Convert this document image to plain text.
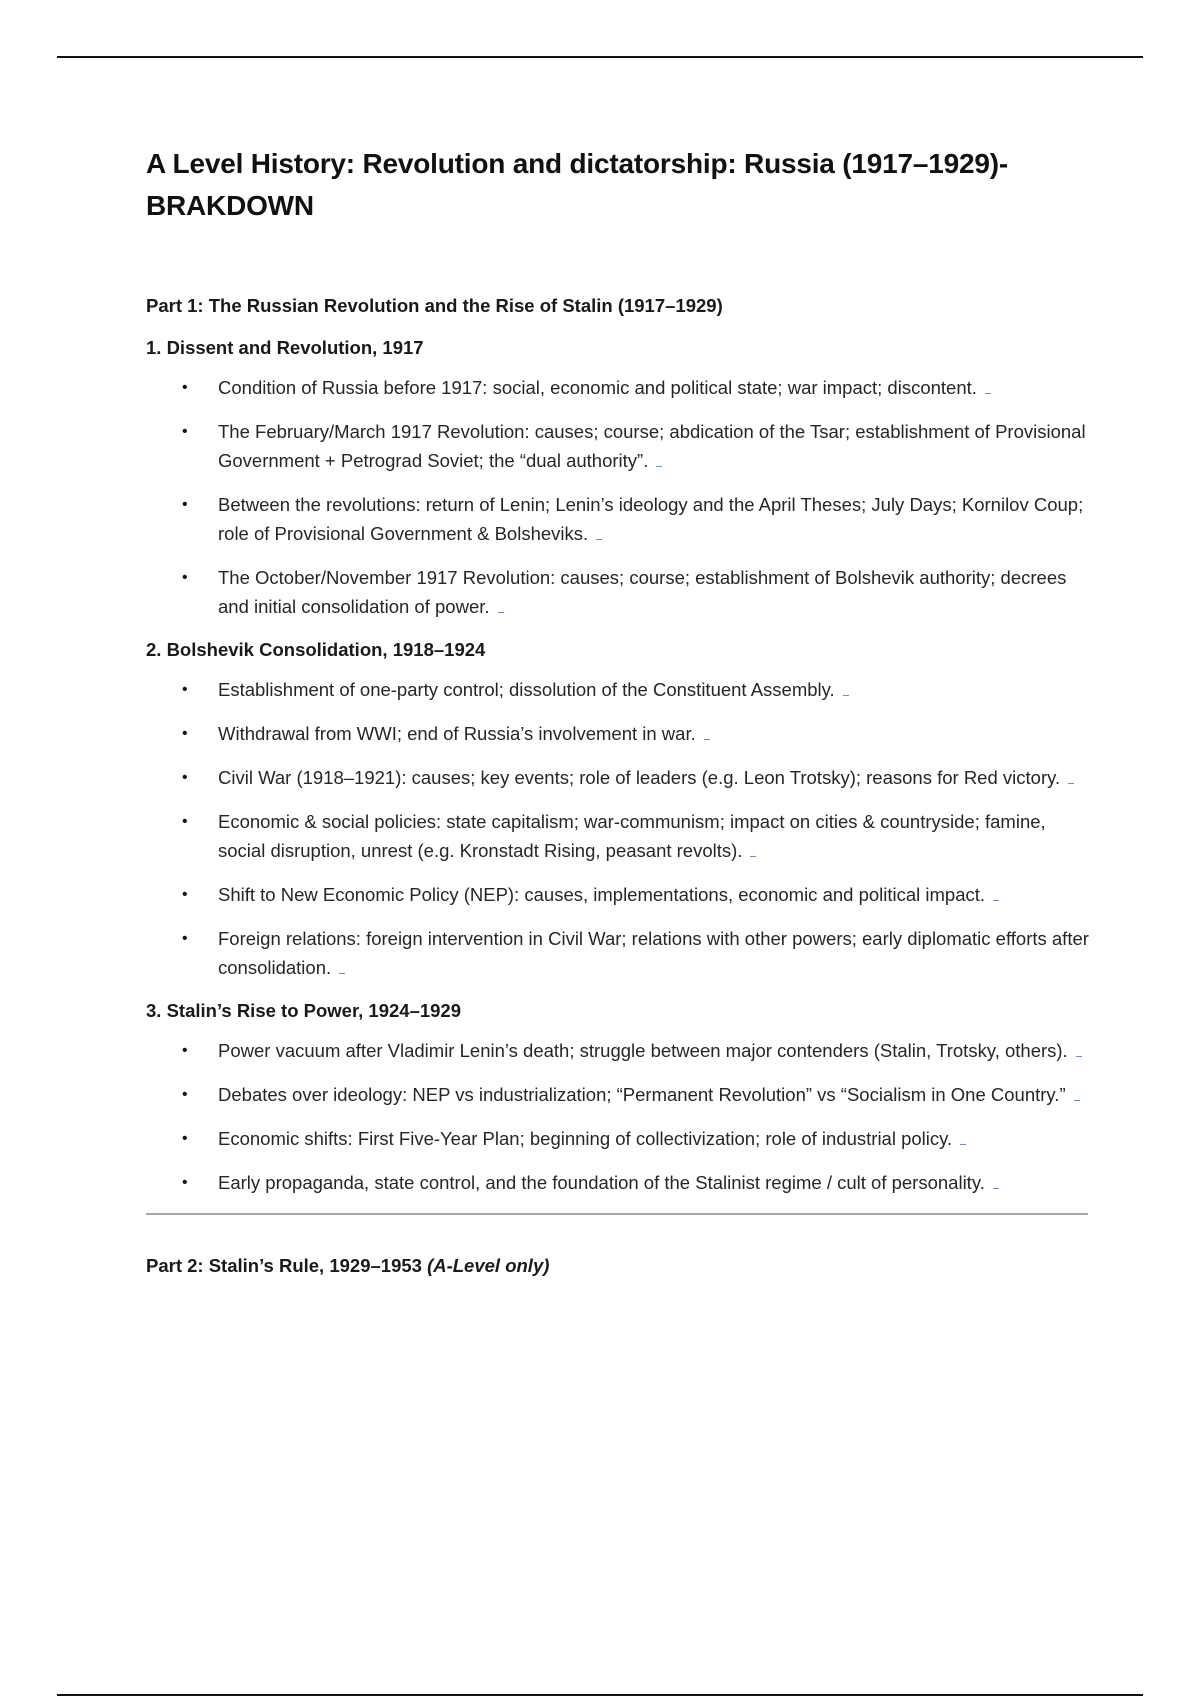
A Level History: Revolution and dictatorship: Russia (1917–1929)-
BRAKDOWN
Part 1: The Russian Revolution and the Rise of Stalin (1917–1929)
1. Dissent and Revolution, 1917
• Condition of Russia before 1917: social, economic and political state; war impact; discontent.
• The February/March 1917 Revolution: causes; course; abdication of the Tsar; establishment of Provisional Government + Petrograd Soviet; the “dual authority”.
• Between the revolutions: return of Lenin; Lenin’s ideology and the April Theses; July Days; Kornilov Coup; role of Provisional Government & Bolsheviks.
• The October/November 1917 Revolution: causes; course; establishment of Bolshevik authority; decrees and initial consolidation of power.
2. Bolshevik Consolidation, 1918–1924
• Establishment of one-party control; dissolution of the Constituent Assembly.
• Withdrawal from WWI; end of Russia’s involvement in war.
• Civil War (1918–1921): causes; key events; role of leaders (e.g. Leon Trotsky); reasons for Red victory.
• Economic & social policies: state capitalism; war-communism; impact on cities & countryside; famine, social disruption, unrest (e.g. Kronstadt Rising, peasant revolts).
• Shift to New Economic Policy (NEP): causes, implementations, economic and political impact.
• Foreign relations: foreign intervention in Civil War; relations with other powers; early diplomatic efforts after consolidation.
3. Stalin’s Rise to Power, 1924–1929
• Power vacuum after Vladimir Lenin’s death; struggle between major contenders (Stalin, Trotsky, others).
• Debates over ideology: NEP vs industrialization; “Permanent Revolution” vs “Socialism in One Country.”
• Economic shifts: First Five-Year Plan; beginning of collectivization; role of industrial policy.
• Early propaganda, state control, and the foundation of the Stalinist regime / cult of personality.
Part 2: Stalin’s Rule, 1929–1953 (A-Level only)
